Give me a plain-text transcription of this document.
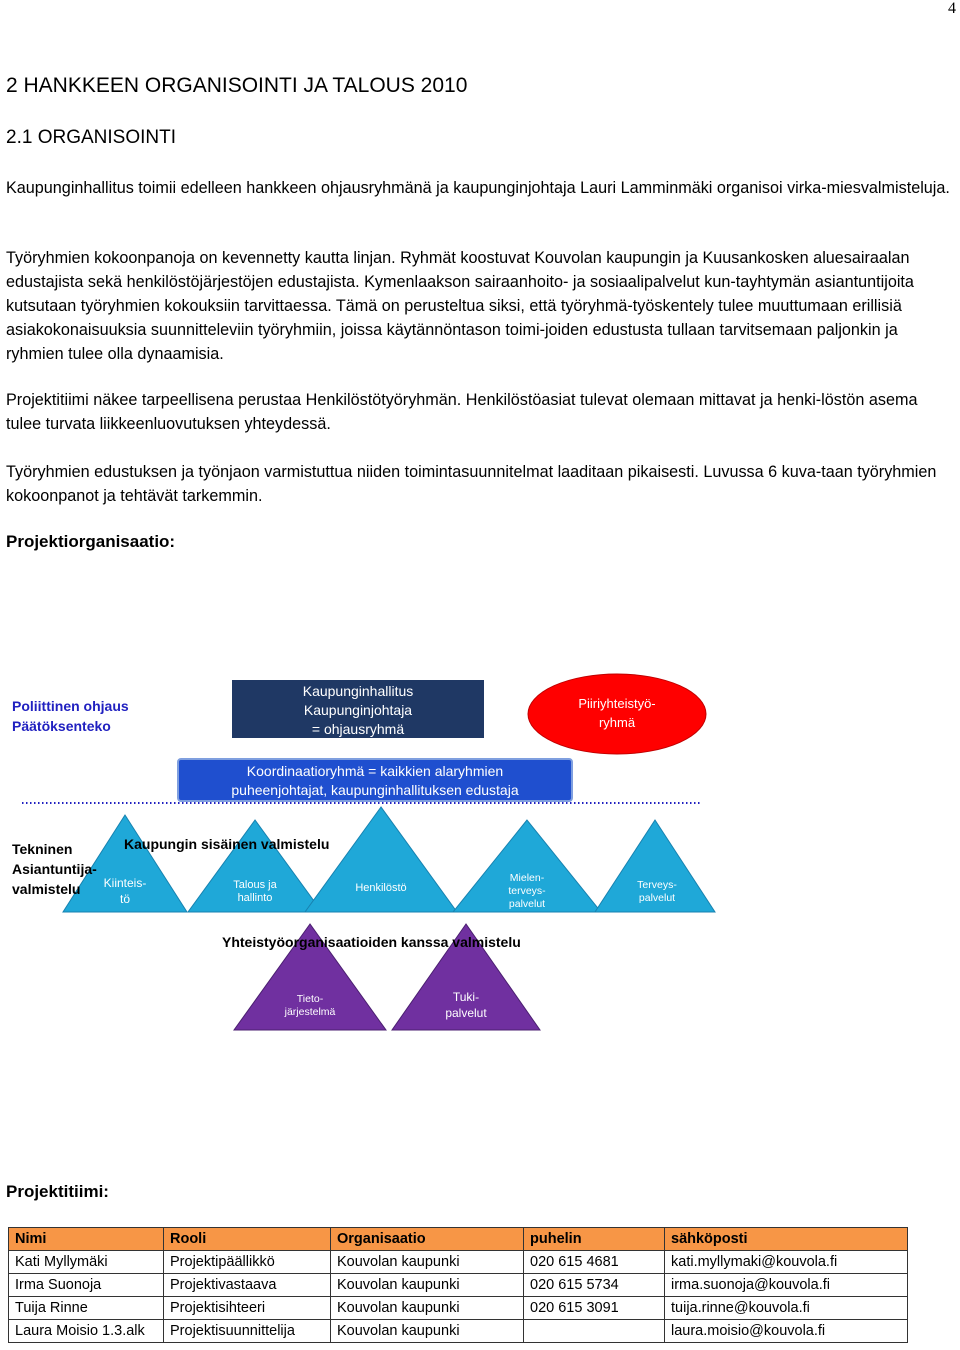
4
2 HANKKEEN ORGANISOINTI JA TALOUS 2010
2.1 ORGANISOINTI

Kaupunginhallitus toimii edelleen hankkeen ohjausryhmänä ja kaupunginjohtaja Lauri Lamminmäki organisoi virka-miesvalmisteluja.

Työryhmien kokoonpanoja on kevennetty kautta linjan. Ryhmät koostuvat Kouvolan kaupungin ja Kuusankosken aluesairaalan edustajista sekä henkilöstöjärjestöjen edustajista. Kymenlaakson sairaanhoito- ja sosiaalipalvelut kun-tayhtymän asiantuntijoita kutsutaan työryhmien kokouksiin tarvittaessa. Tämä on perusteltua siksi, että työryhmä-työskentely tulee muuttumaan erillisiä asiakokonaisuuksia suunnitteleviin työryhmiin, joissa käytännöntason toimi-joiden edustusta tullaan tarvitsemaan paljonkin ja ryhmien tulee olla dynaamisia.

Projektitiimi näkee tarpeellisena perustaa Henkilöstötyöryhmän. Henkilöstöasiat tulevat olemaan mittavat ja henki-löstön asema tulee turvata liikkeenluovutuksen yhteydessä.

Työryhmien edustuksen ja työnjaon varmistuttua niiden toimintasuunnitelmat laaditaan pikaisesti. Luvussa 6 kuva-taan työryhmien kokoonpanot ja tehtävät tarkemmin.

Projektiorganisaatio:
Poliittinen ohjaus
Päätöksenteko
Kaupunginhallitus
Kaupunginjohtaja
= ohjausryhmä
Piiriyhteistyö-
ryhmä
Koordinaatioryhmä = kaikkien alaryhmien
puheenjohtajat, kaupunginhallituksen edustaja
Tekninen
Asiantuntija-
valmistelu
Kaupungin sisäinen valmistelu
Kiinteis-
tö
Talous ja
hallinto
Henkilöstö
Mielen-
terveys-
palvelut
Terveys-
palvelut
Yhteistyöorganisaatioiden kanssa valmistelu
Tieto-
järjestelmä
Tuki-
palvelut
Projektitiimi:
Nimi	Rooli	Organisaatio	puhelin	sähköposti
Kati Myllymäki	Projektipäällikkö	Kouvolan kaupunki	020 615 4681	kati.myllymaki@kouvola.fi
Irma Suonoja	Projektivastaava	Kouvolan kaupunki	020 615 5734	irma.suonoja@kouvola.fi
Tuija Rinne	Projektisihteeri	Kouvolan kaupunki	020 615 3091	tuija.rinne@kouvola.fi
Laura Moisio 1.3.alk	Projektisuunnittelija	Kouvolan kaupunki		laura.moisio@kouvola.fi
